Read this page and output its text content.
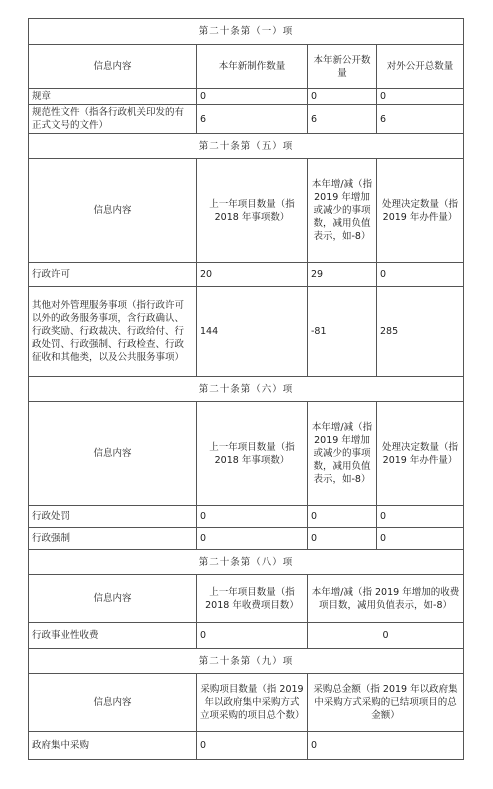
第二十条第（一）项			
信息内容	本年新制作数量	本年新公开数量	对外公开总数量
规章	0	0	0
规范性文件（指各行政机关印发的有正式文号的文件）	6	6	6
第二十条第（五）项			
信息内容	上一年项目数量（指 2018 年事项数）	本年增/减（指 2019 年增加或减少的事项数，减用负值表示，如-8）	处理决定数量（指 2019 年办件量）
行政许可	20	29	0
其他对外管理服务事项（指行政许可以外的政务服务事项，含行政确认、行政奖励、行政裁决、行政给付、行政处罚、行政强制、行政检查、行政征收和其他类，以及公共服务事项）	144	-81	285
第二十条第（六）项			
信息内容	上一年项目数量（指 2018 年事项数）	本年增/减（指 2019 年增加或减少的事项数，减用负值表示，如-8）	处理决定数量（指 2019 年办件量）
行政处罚	0	0	0
行政强制	0	0	0
第二十条第（八）项			
信息内容	上一年项目数量（指 2018 年收费项目数）	本年增/减（指 2019 年增加的收费项目数，减用负值表示，如-8）	
行政事业性收费	0	0	
第二十条第（九）项			
信息内容	采购项目数量（指 2019 年以政府集中采购方式立项采购的项目总个数）	采购总金额（指 2019 年以政府集中采购方式采购的已结项项目的总金额）	
政府集中采购	0	0	
